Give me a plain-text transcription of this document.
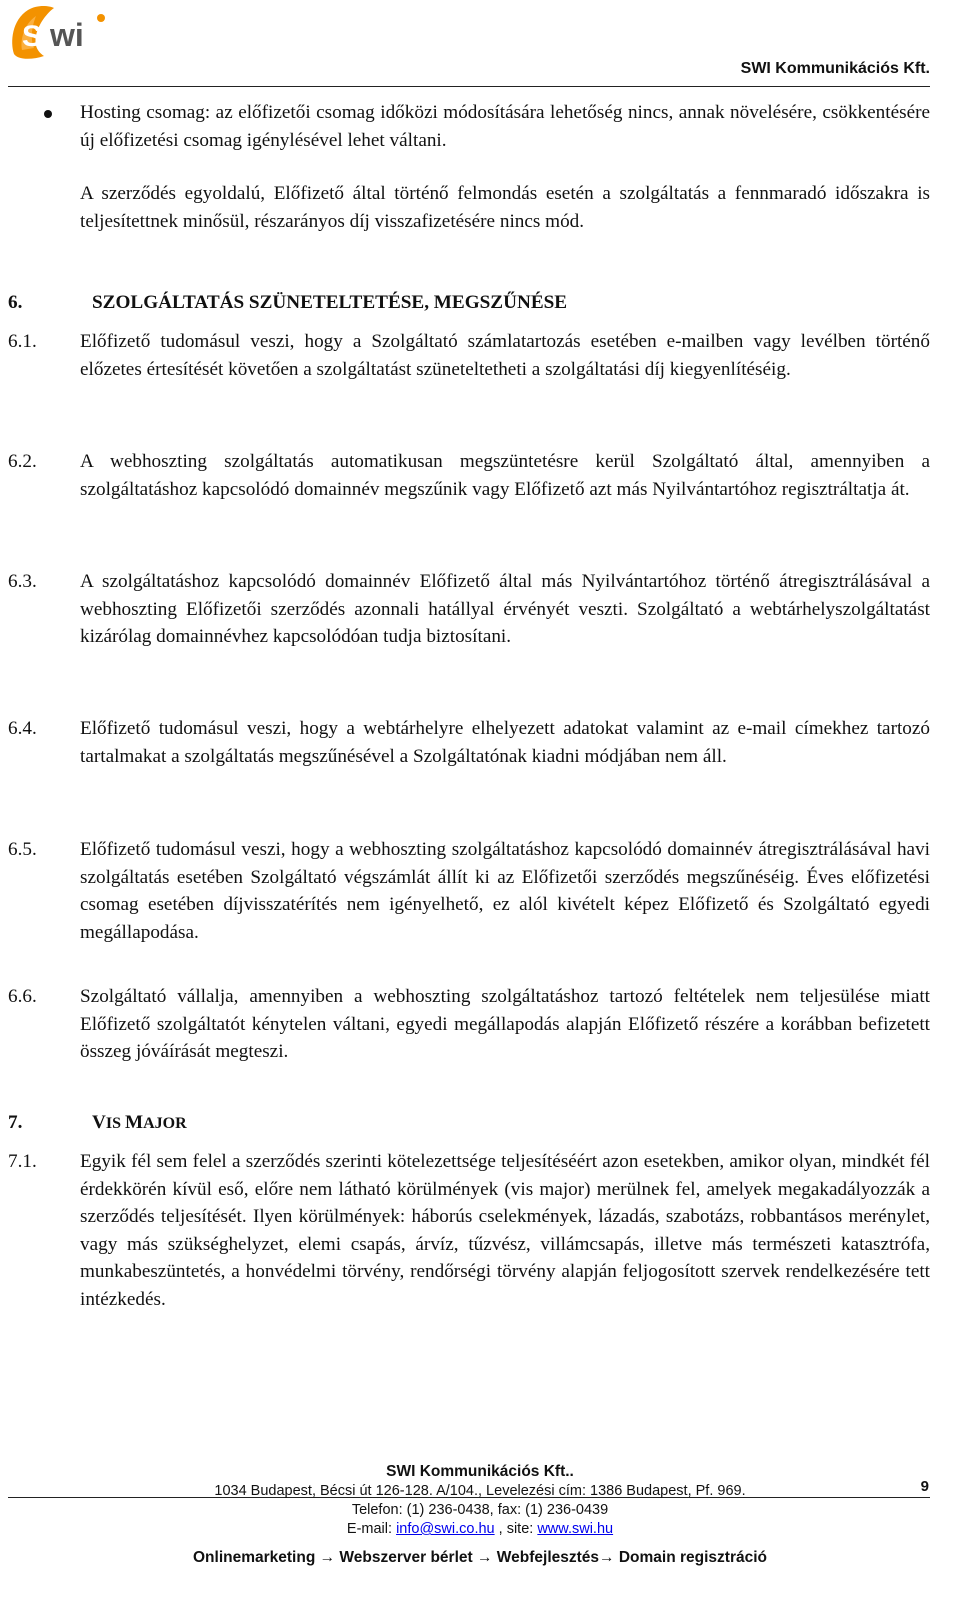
S wi
SWI Kommunikációs Kft.
Hosting csomag: az előfizetői csomag időközi módosítására lehetőség nincs, annak növelésére, csökkentésére új előfizetési csomag igénylésével lehet váltani.
A szerződés egyoldalú, Előfizető által történő felmondás esetén a szolgáltatás a fennmaradó időszakra is teljesítettnek minősül, részarányos díj visszafizetésére nincs mód.
6.	SZOLGÁLTATÁS SZÜNETELTETÉSE, MEGSZŰNÉSE
6.1. Előfizető tudomásul veszi, hogy a Szolgáltató számlatartozás esetében e-mailben vagy levélben történő előzetes értesítését követően a szolgáltatást szüneteltetheti a szolgáltatási díj kiegyenlítéséig.
6.2. A webhoszting szolgáltatás automatikusan megszüntetésre kerül Szolgáltató által, amennyiben a szolgáltatáshoz kapcsolódó domainnév megszűnik vagy Előfizető azt más Nyilvántartóhoz regisztráltatja át.
6.3. A szolgáltatáshoz kapcsolódó domainnév Előfizető által más Nyilvántartóhoz történő átregisztrálásával a webhoszting Előfizetői szerződés azonnali hatállyal érvényét veszti. Szolgáltató a webtárhelyszolgáltatást kizárólag domainnévhez kapcsolódóan tudja biztosítani.
6.4. Előfizető tudomásul veszi, hogy a webtárhelyre elhelyezett adatokat valamint az e-mail címekhez tartozó tartalmakat a szolgáltatás megszűnésével a Szolgáltatónak kiadni módjában nem áll.
6.5. Előfizető tudomásul veszi, hogy a webhoszting szolgáltatáshoz kapcsolódó domainnév átregisztrálásával havi szolgáltatás esetében Szolgáltató végszámlát állít ki az Előfizetői szerződés megszűnéséig. Éves előfizetési csomag esetében díjvisszatérítés nem igényelhető, ez alól kivételt képez Előfizető és Szolgáltató egyedi megállapodása.
6.6. Szolgáltató vállalja, amennyiben a webhoszting szolgáltatáshoz tartozó feltételek nem teljesülése miatt Előfizető szolgáltatót kénytelen váltani, egyedi megállapodás alapján Előfizető részére a korábban befizetett összeg jóváírását megteszi.
7.	VIS MAJOR
7.1. Egyik fél sem felel a szerződés szerinti kötelezettsége teljesítéséért azon esetekben, amikor olyan, mindkét fél érdekkörén kívül eső, előre nem látható körülmények (vis major) merülnek fel, amelyek megakadályozzák a szerződés teljesítését. Ilyen körülmények: háborús cselekmények, lázadás, szabotázs, robbantásos merénylet, vagy más szükséghelyzet, elemi csapás, árvíz, tűzvész, villámcsapás, illetve más természeti katasztrófa, munkabeszüntetés, a honvédelmi törvény, rendőrségi törvény alapján feljogosított szervek rendelkezésére tett intézkedés.
9
SWI Kommunikációs Kft..
1034 Budapest, Bécsi út 126-128. A/104., Levelezési cím: 1386 Budapest, Pf. 969.
Telefon: (1) 236-0438, fax: (1) 236-0439
E-mail: info@swi.co.hu , site: www.swi.hu
Onlinemarketing → Webszerver bérlet → Webfejlesztés→ Domain regisztráció
